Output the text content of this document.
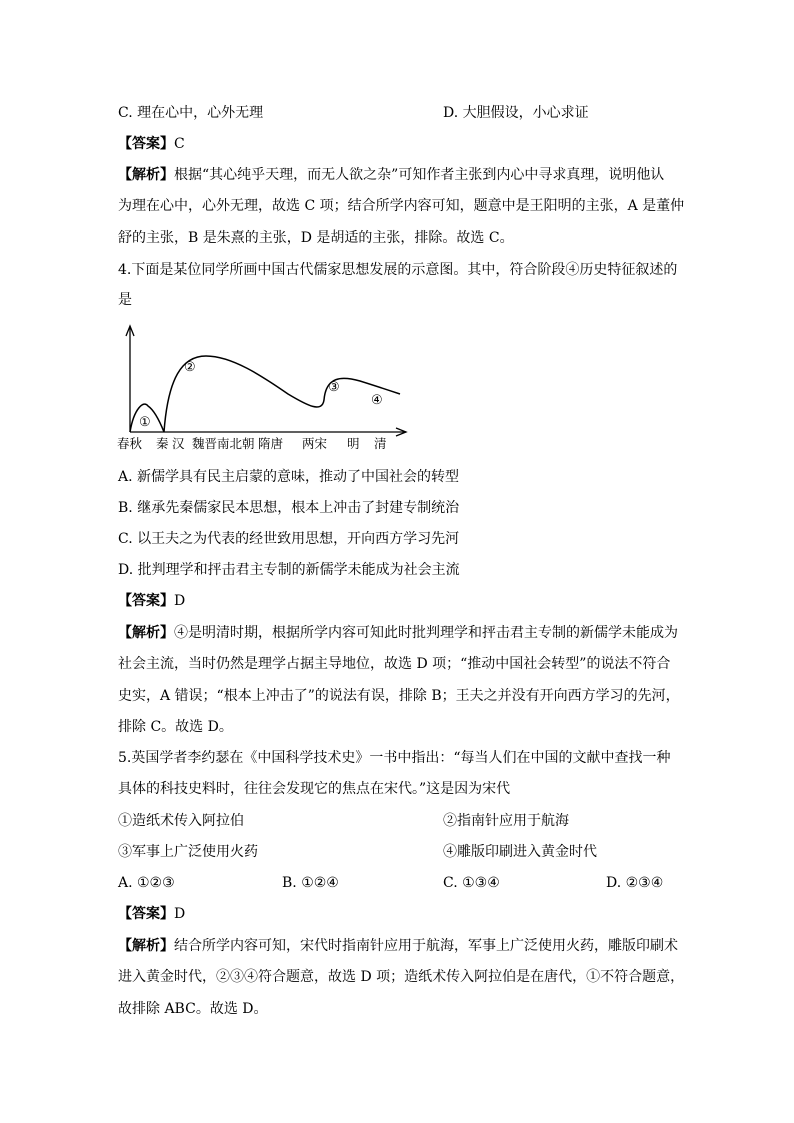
C. 理在心中，心外无理	D. 大胆假设，小心求证
【答案】C
【解析】根据“其心纯乎天理，而无人欲之杂”可知作者主张到内心中寻求真理，说明他认
为理在心中，心外无理，故选 C 项；结合所学内容可知，题意中是王阳明的主张，A 是董仲
舒的主张，B 是朱熹的主张，D 是胡适的主张，排除。故选 C。
4.下面是某位同学所画中国古代儒家思想发展的示意图。其中，符合阶段④历史特征叙述的
是
①
②
③
④
春秋 秦 汉 魏晋南北朝 隋唐 两宋 明 清
A. 新儒学具有民主启蒙的意味，推动了中国社会的转型
B. 继承先秦儒家民本思想，根本上冲击了封建专制统治
C. 以王夫之为代表的经世致用思想，开向西方学习先河
D. 批判理学和抨击君主专制的新儒学未能成为社会主流
【答案】D
【解析】④是明清时期，根据所学内容可知此时批判理学和抨击君主专制的新儒学未能成为
社会主流，当时仍然是理学占据主导地位，故选 D 项；“推动中国社会转型”的说法不符合
史实，A 错误；“根本上冲击了”的说法有误，排除 B；王夫之并没有开向西方学习的先河，
排除 C。故选 D。
5.英国学者李约瑟在《中国科学技术史》一书中指出：“每当人们在中国的文献中查找一种
具体的科技史料时，往往会发现它的焦点在宋代。”这是因为宋代
①造纸术传入阿拉伯	②指南针应用于航海
③军事上广泛使用火药	④雕版印刷进入黄金时代
A. ①②③	B. ①②④	C. ①③④	D. ②③④
【答案】D
【解析】结合所学内容可知，宋代时指南针应用于航海，军事上广泛使用火药，雕版印刷术
进入黄金时代，②③④符合题意，故选 D 项；造纸术传入阿拉伯是在唐代，①不符合题意，
故排除 ABC。故选 D。
